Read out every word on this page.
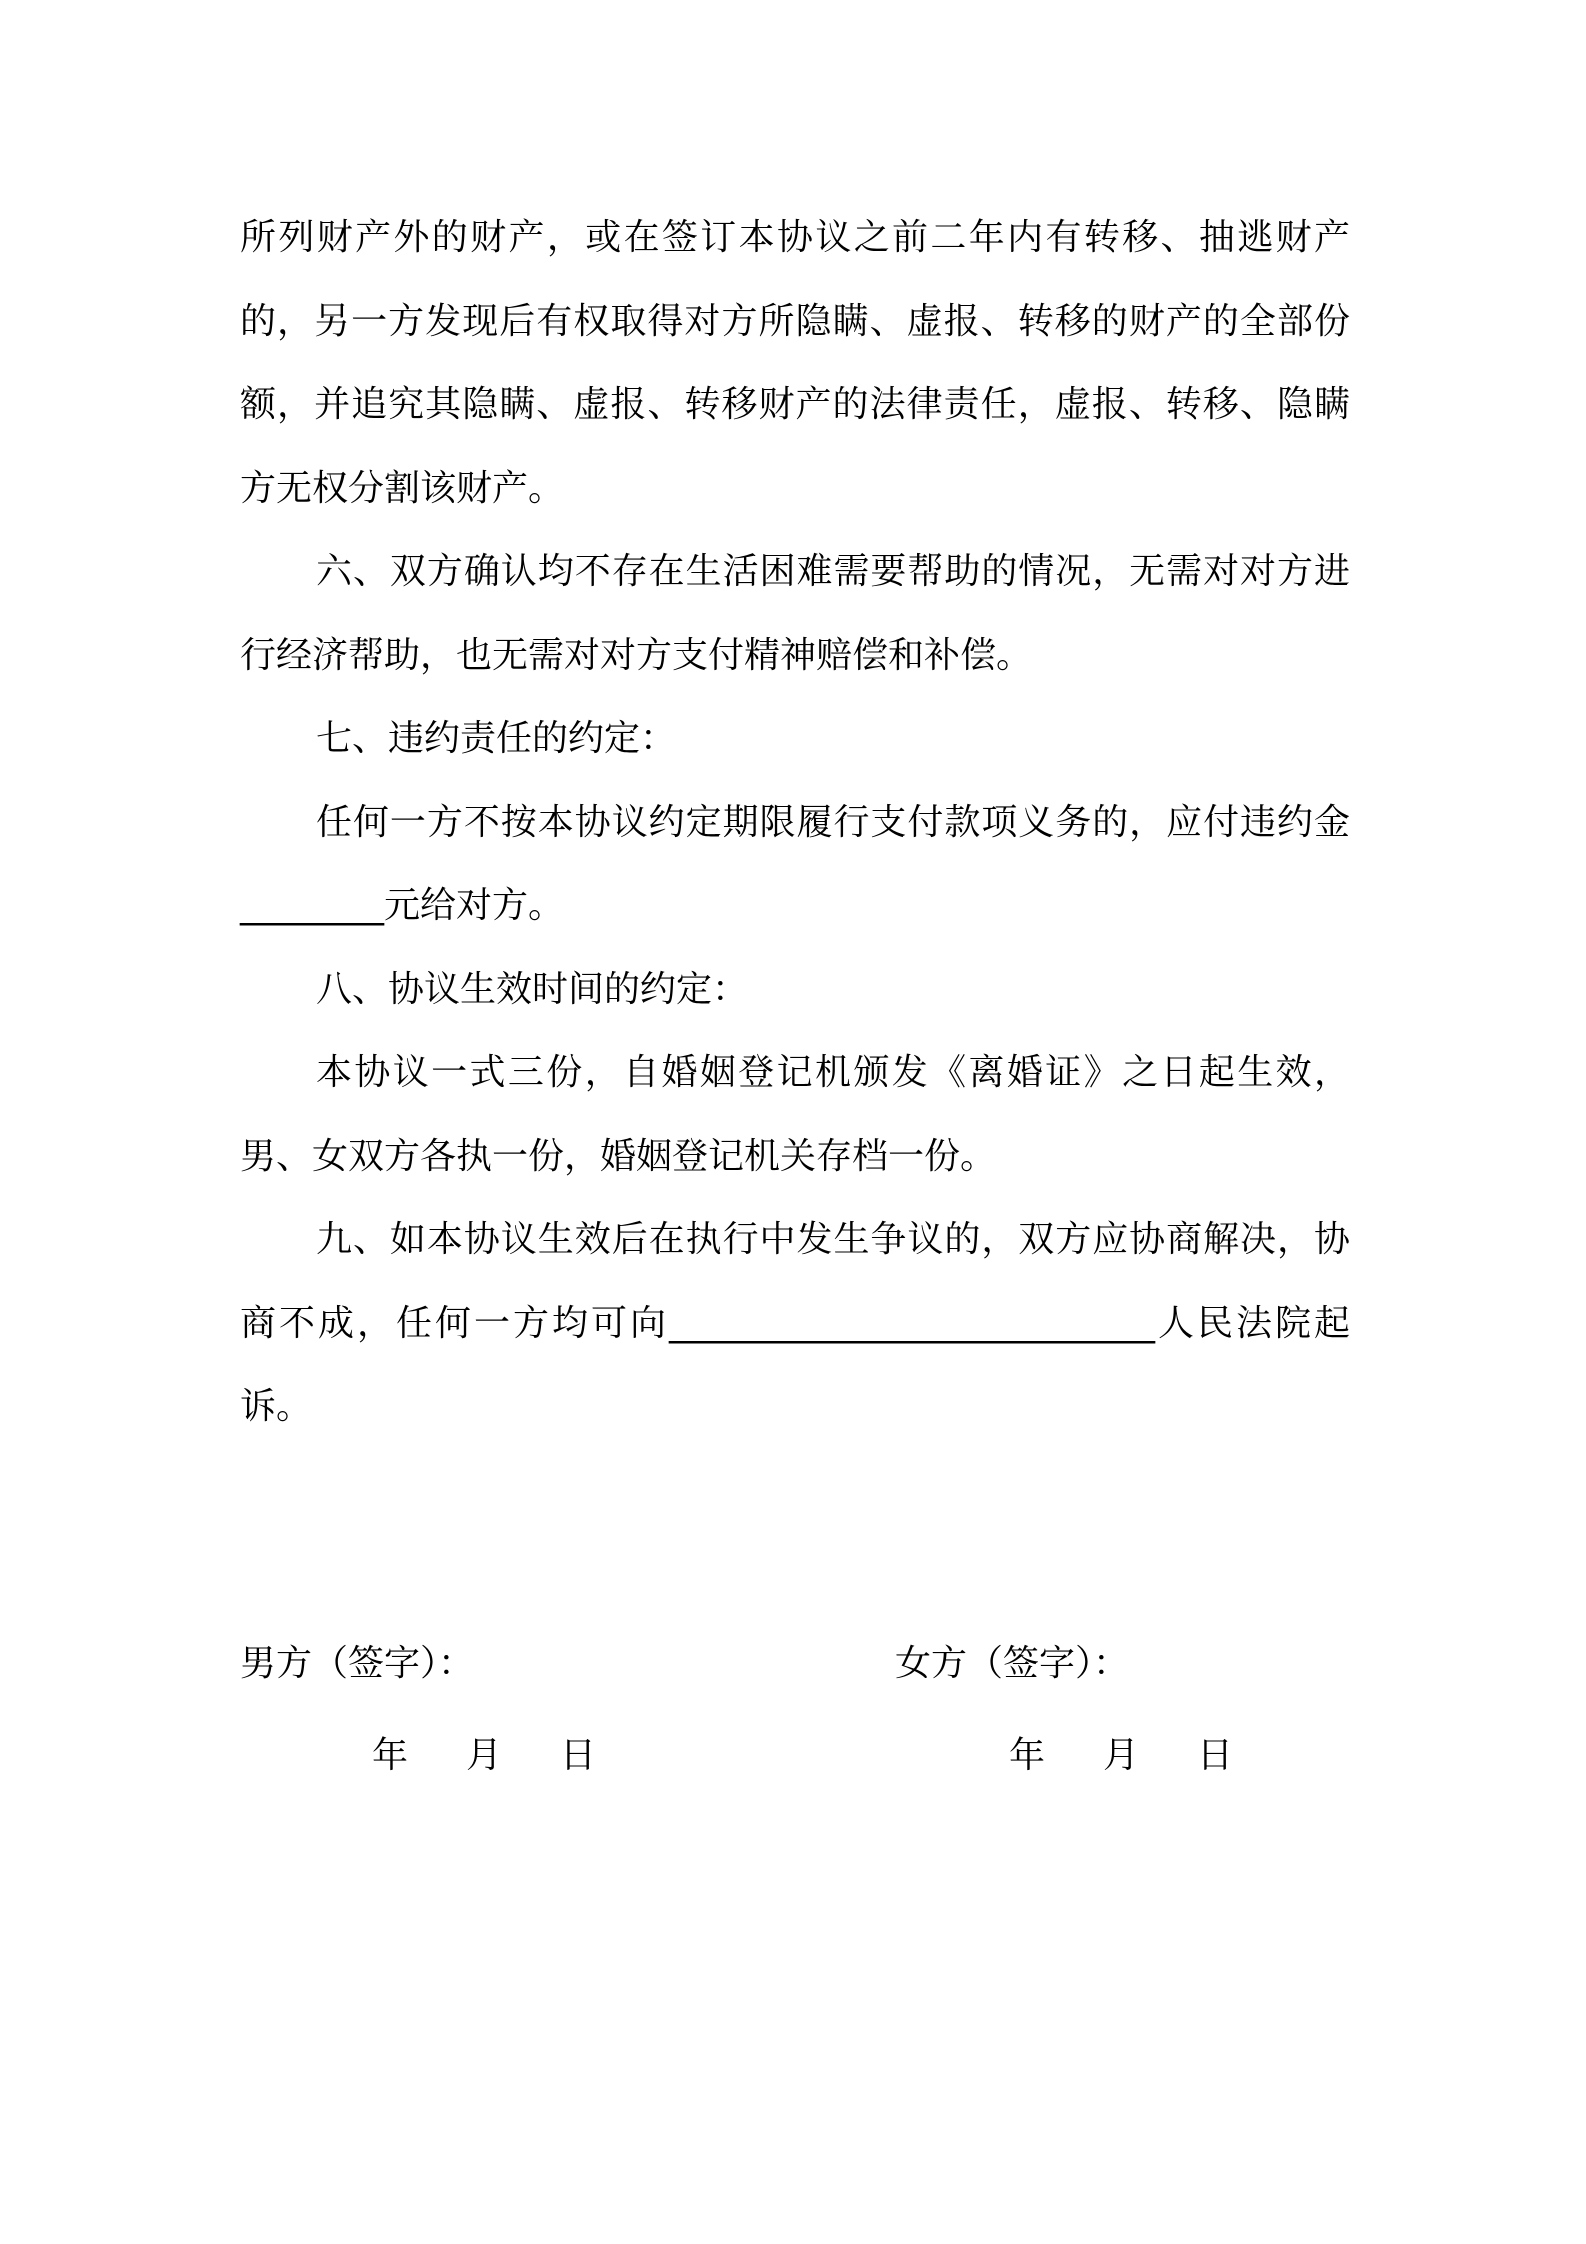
所列财产外的财产，或在签订本协议之前二年内有转移、抽逃财产的，另一方发现后有权取得对方所隐瞒、虚报、转移的财产的全部份额，并追究其隐瞒、虚报、转移财产的法律责任，虚报、转移、隐瞒方无权分割该财产。

六、双方确认均不存在生活困难需要帮助的情况，无需对对方进行经济帮助，也无需对对方支付精神赔偿和补偿。

七、违约责任的约定：

任何一方不按本协议约定期限履行支付款项义务的，应付违约金________元给对方。

八、协议生效时间的约定：

本协议一式三份，自婚姻登记机颁发《离婚证》之日起生效，男、女双方各执一份，婚姻登记机关存档一份。

九、如本协议生效后在执行中发生争议的，双方应协商解决，协商不成，任何一方均可向___________________________人民法院起诉。

男方（签字）：	女方（签字）：
年 月 日	年 月 日
